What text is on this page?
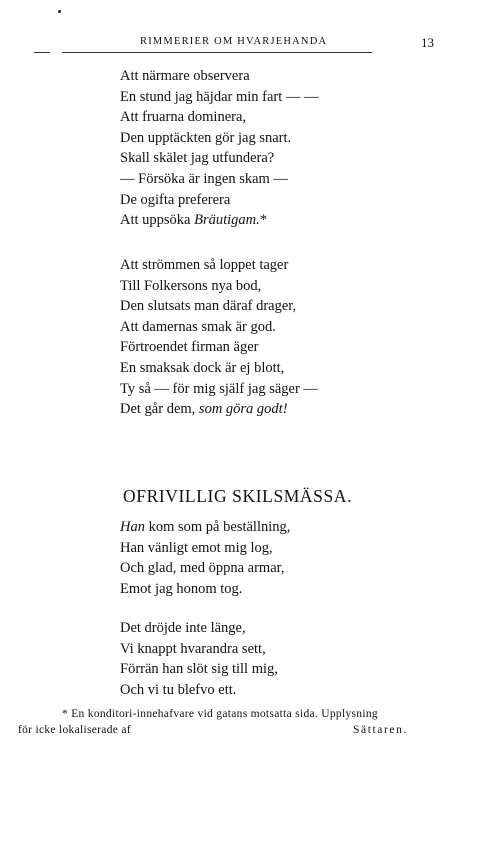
RIMMERIER OM HVARJEHANDA	13
Att närmare observera
En stund jag häjdar min fart — —
Att fruarna dominera,
Den upptäckten gör jag snart.
Skall skälet jag utfundera?
— Försöka är ingen skam —
De ogifta preferera
Att uppsöka Bräutigam.*
Att strömmen så loppet tager
Till Folkersons nya bod,
Den slutsats man däraf drager,
Att damernas smak är god.
Förtroendet firman äger
En smaksak dock är ej blott,
Ty så — för mig själf jag säger —
Det går dem, som göra godt!
OFRIVILLIG SKILSMÄSSA.
Han kom som på beställning,
Han vänligt emot mig log,
Och glad, med öppna armar,
Emot jag honom tog.
Det dröjde inte länge,
Vi knappt hvarandra sett,
Förrän han slöt sig till mig,
Och vi tu blefvo ett.
* En konditori-innehafvare vid gatans motsatta sida. Upplysning
för icke lokaliserade af	Sättaren.
